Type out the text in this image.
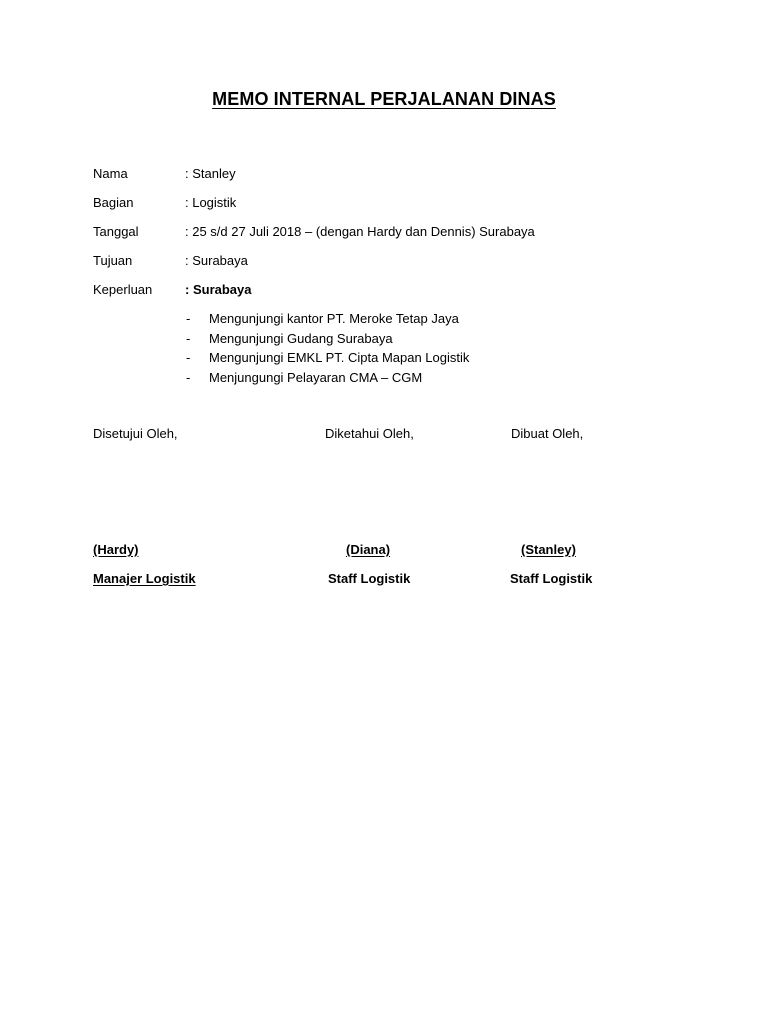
MEMO INTERNAL PERJALANAN DINAS
Nama	: Stanley
Bagian	: Logistik
Tanggal	: 25 s/d 27 Juli 2018 – (dengan Hardy dan Dennis) Surabaya
Tujuan	: Surabaya
Keperluan	: Surabaya
- Mengunjungi kantor PT. Meroke Tetap Jaya
- Mengunjungi Gudang Surabaya
- Mengunjungi EMKL PT. Cipta Mapan Logistik
- Menjungungi Pelayaran CMA – CGM
Disetujui Oleh,	Diketahui Oleh,	Dibuat Oleh,
(Hardy)	(Diana)	(Stanley)
Manajer Logistik	Staff Logistik	Staff Logistik
